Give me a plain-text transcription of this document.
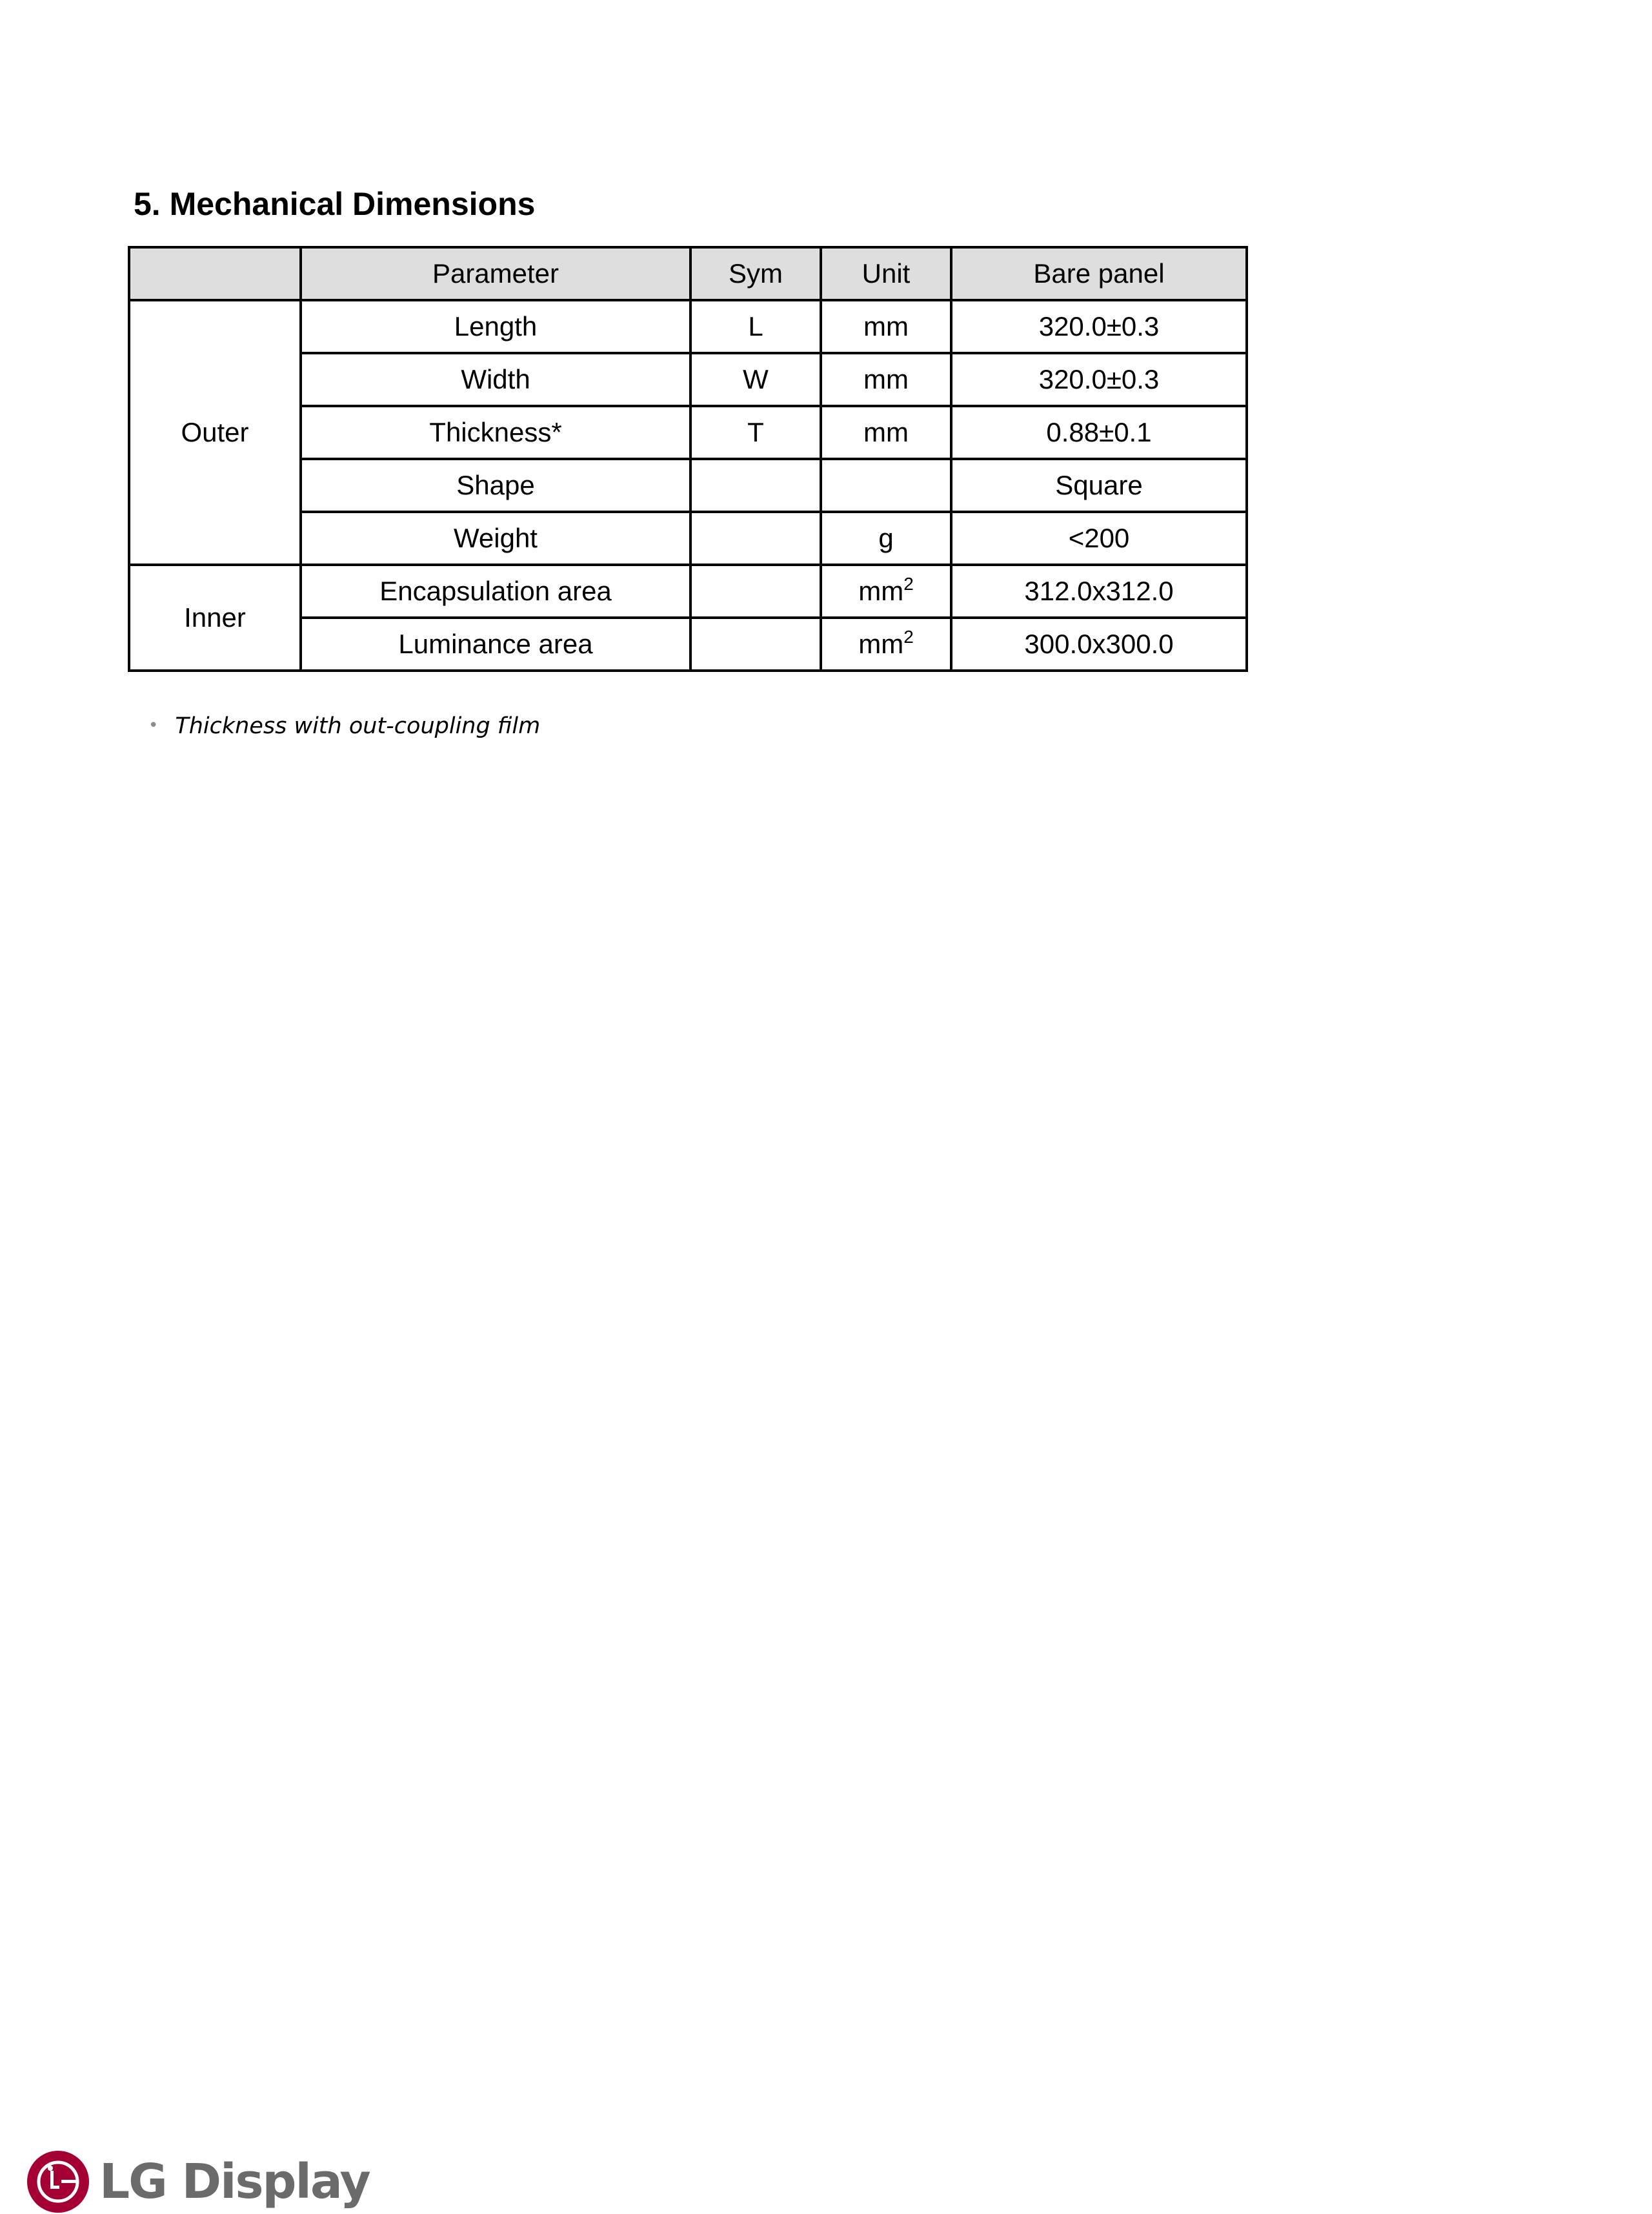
5. Mechanical Dimensions
	Parameter	Sym	Unit	Bare panel
Outer	Length	L	mm	320.0±0.3
	Width	W	mm	320.0±0.3
	Thickness*	T	mm	0.88±0.1
	Shape			Square
	Weight		g	<200
Inner	Encapsulation area		$mm^2$	312.0x312.0
	Luminance area		$mm^2$	300.0x300.0
• Thickness with out-coupling film
LG Display
